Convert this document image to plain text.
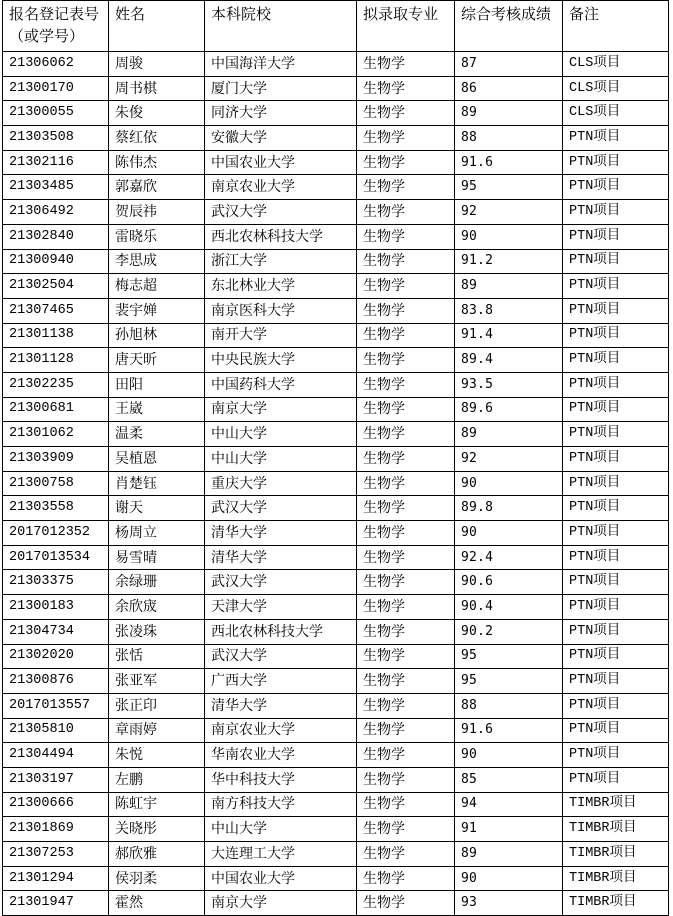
报名登记表号（或学号）	姓名	本科院校	拟录取专业	综合考核成绩	备注
21306062	周骏	中国海洋大学	生物学	87	CLS项目
21300170	周书棋	厦门大学	生物学	86	CLS项目
21300055	朱俊	同济大学	生物学	89	CLS项目
21303508	蔡红依	安徽大学	生物学	88	PTN项目
21302116	陈伟杰	中国农业大学	生物学	91.6	PTN项目
21303485	郭嘉欣	南京农业大学	生物学	95	PTN项目
21306492	贺辰祎	武汉大学	生物学	92	PTN项目
21302840	雷晓乐	西北农林科技大学	生物学	90	PTN项目
21300940	李思成	浙江大学	生物学	91.2	PTN项目
21302504	梅志超	东北林业大学	生物学	89	PTN项目
21307465	裴宇婵	南京医科大学	生物学	83.8	PTN项目
21301138	孙旭林	南开大学	生物学	91.4	PTN项目
21301128	唐天昕	中央民族大学	生物学	89.4	PTN项目
21302235	田阳	中国药科大学	生物学	93.5	PTN项目
21300681	王崴	南京大学	生物学	89.6	PTN项目
21301062	温柔	中山大学	生物学	89	PTN项目
21303909	吴植恩	中山大学	生物学	92	PTN项目
21300758	肖楚钰	重庆大学	生物学	90	PTN项目
21303558	谢天	武汉大学	生物学	89.8	PTN项目
2017012352	杨周立	清华大学	生物学	90	PTN项目
2017013534	易雪晴	清华大学	生物学	92.4	PTN项目
21303375	余绿珊	武汉大学	生物学	90.6	PTN项目
21300183	余欣宬	天津大学	生物学	90.4	PTN项目
21304734	张凌珠	西北农林科技大学	生物学	90.2	PTN项目
21302020	张恬	武汉大学	生物学	95	PTN项目
21300876	张亚军	广西大学	生物学	95	PTN项目
2017013557	张正印	清华大学	生物学	88	PTN项目
21305810	章雨婷	南京农业大学	生物学	91.6	PTN项目
21304494	朱悦	华南农业大学	生物学	90	PTN项目
21303197	左鹏	华中科技大学	生物学	85	PTN项目
21300666	陈虹宇	南方科技大学	生物学	94	TIMBR项目
21301869	关晓彤	中山大学	生物学	91	TIMBR项目
21307253	郝欣雅	大连理工大学	生物学	89	TIMBR项目
21301294	侯羽柔	中国农业大学	生物学	90	TIMBR项目
21301947	霍然	南京大学	生物学	93	TIMBR项目
